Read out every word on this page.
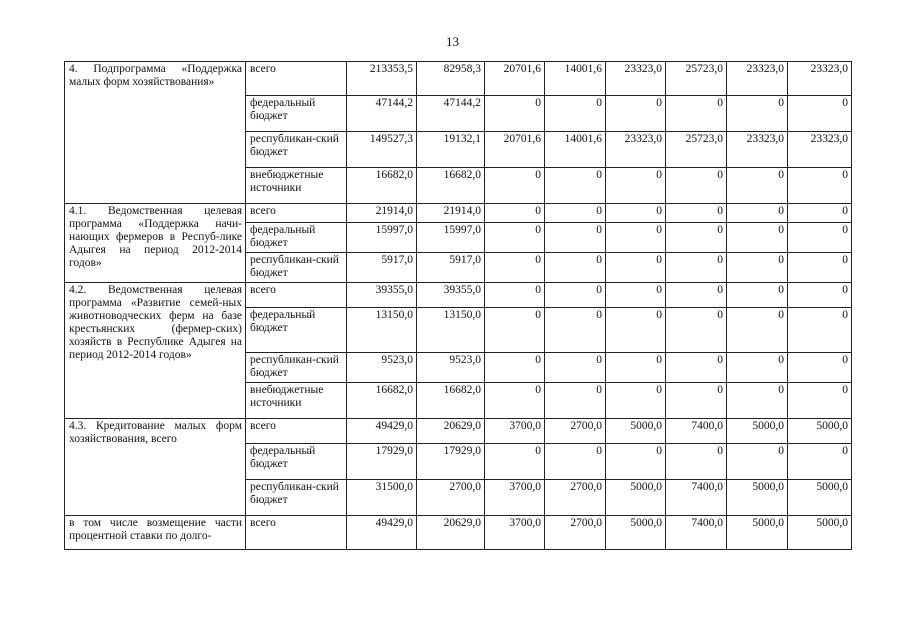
13
4. Подпрограмма «Поддержка малых форм хозяйствования»	всего	213353,5	82958,3	20701,6	14001,6	23323,0	25723,0	23323,0	23323,0
	федеральный бюджет	47144,2	47144,2	0	0	0	0	0	0
	республикан-ский бюджет	149527,3	19132,1	20701,6	14001,6	23323,0	25723,0	23323,0	23323,0
	внебюджетные источники	16682,0	16682,0	0	0	0	0	0	0
4.1. Ведомственная целевая программа «Поддержка начи-нающих фермеров в Респуб-лике Адыгея на период 2012-2014 годов»	всего	21914,0	21914,0	0	0	0	0	0	0
	федеральный бюджет	15997,0	15997,0	0	0	0	0	0	0
	республикан-ский бюджет	5917,0	5917,0	0	0	0	0	0	0
4.2. Ведомственная целевая программа «Развитие семей-ных животноводческих ферм на базе крестьянских (фермер-ских) хозяйств в Республике Адыгея на период 2012-2014 годов»	всего	39355,0	39355,0	0	0	0	0	0	0
	федеральный бюджет	13150,0	13150,0	0	0	0	0	0	0
	республикан-ский бюджет	9523,0	9523,0	0	0	0	0	0	0
	внебюджетные источники	16682,0	16682,0	0	0	0	0	0	0
4.3. Кредитование малых форм хозяйствования, всего	всего	49429,0	20629,0	3700,0	2700,0	5000,0	7400,0	5000,0	5000,0
	федеральный бюджет	17929,0	17929,0	0	0	0	0	0	0
	республикан-ский бюджет	31500,0	2700,0	3700,0	2700,0	5000,0	7400,0	5000,0	5000,0
в том числе возмещение части процентной ставки по долго-	всего	49429,0	20629,0	3700,0	2700,0	5000,0	7400,0	5000,0	5000,0
